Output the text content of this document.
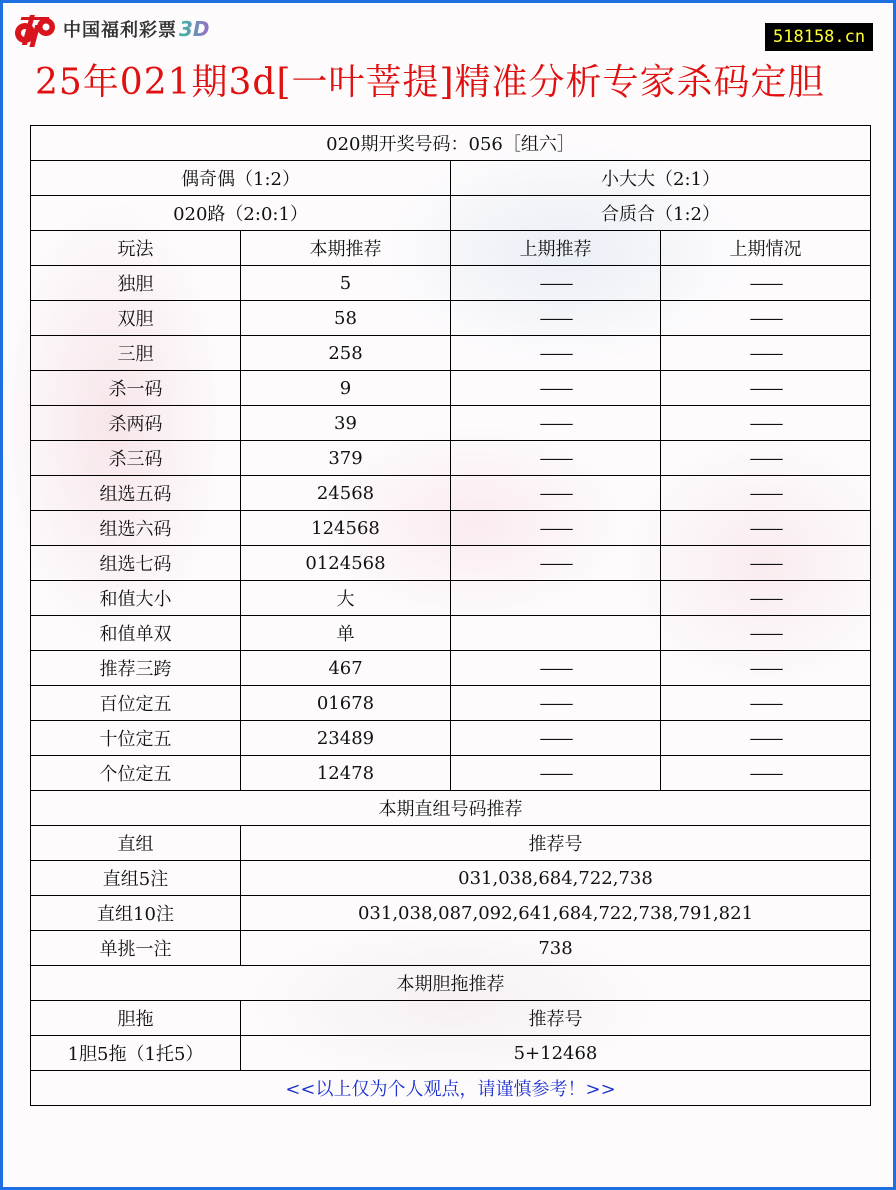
中国福利彩票 3D	518158.cn
25年021期3d[一叶菩提]精准分析专家杀码定胆
020期开奖号码：056［组六］			
偶奇偶（1:2）		小大大（2:1）	
020路（2:0:1）		合质合（1:2）	
玩法	本期推荐	上期推荐	上期情况
独胆	5	——	——
双胆	58	——	——
三胆	258	——	——
杀一码	9	——	——
杀两码	39	——	——
杀三码	379	——	——
组选五码	24568	——	——
组选六码	124568	——	——
组选七码	0124568	——	——
和值大小	大		——
和值单双	单		——
推荐三跨	467	——	——
百位定五	01678	——	——
十位定五	23489	——	——
个位定五	12478	——	——
本期直组号码推荐			
直组	推荐号		
直组5注	031,038,684,722,738		
直组10注	031,038,087,092,641,684,722,738,791,821		
单挑一注	738		
本期胆拖推荐			
胆拖	推荐号		
1胆5拖（1托5）	5+12468		
<<以上仅为个人观点，请谨慎参考！>>			
